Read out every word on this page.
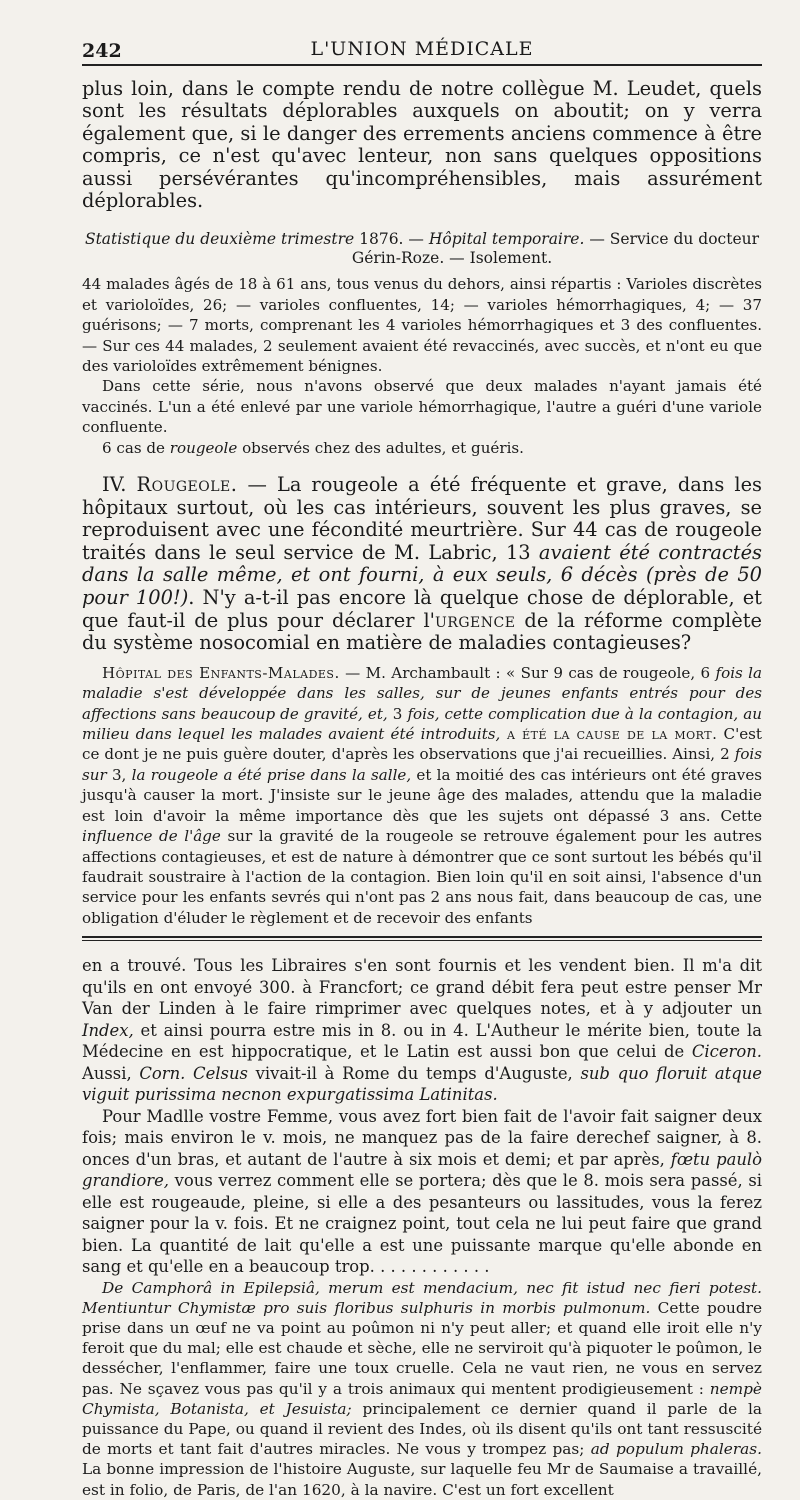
242	L'UNION MÉDICALE

plus loin, dans le compte rendu de notre collègue M. Leudet, quels sont les résultats déplorables auxquels on aboutit; on y verra également que, si le danger des errements anciens commence à être compris, ce n'est qu'avec lenteur, non sans quelques oppositions aussi persévérantes qu'incompréhensibles, mais assurément déplorables.

Statistique du deuxième trimestre 1876. — Hôpital temporaire. — Service du docteur
Gérin-Roze. — Isolement.

44 malades âgés de 18 à 61 ans, tous venus du dehors, ainsi répartis : Varioles discrètes et varioloïdes, 26; — varioles confluentes, 14; — varioles hémorrhagiques, 4; — 37 guérisons; — 7 morts, comprenant les 4 varioles hémorrhagiques et 3 des confluentes. — Sur ces 44 malades, 2 seulement avaient été revaccinés, avec succès, et n'ont eu que des varioloïdes extrêmement bénignes.

Dans cette série, nous n'avons observé que deux malades n'ayant jamais été vaccinés. L'un a été enlevé par une variole hémorrhagique, l'autre a guéri d'une variole confluente.

6 cas de rougeole observés chez des adultes, et guéris.

IV. Rougeole. — La rougeole a été fréquente et grave, dans les hôpitaux surtout, où les cas intérieurs, souvent les plus graves, se reproduisent avec une fécondité meurtrière. Sur 44 cas de rougeole traités dans le seul service de M. Labric, 13 avaient été contractés dans la salle même, et ont fourni, à eux seuls, 6 décès (près de 50 pour 100!). N'y a-t-il pas encore là quelque chose de déplorable, et que faut-il de plus pour déclarer l'urgence de la réforme complète du système nosocomial en matière de maladies contagieuses?

Hôpital des Enfants-Malades. — M. Archambault : « Sur 9 cas de rougeole, 6 fois la maladie s'est développée dans les salles, sur de jeunes enfants entrés pour des affections sans beaucoup de gravité, et, 3 fois, cette complication due à la contagion, au milieu dans lequel les malades avaient été introduits, a été la cause de la mort. C'est ce dont je ne puis guère douter, d'après les observations que j'ai recueillies. Ainsi, 2 fois sur 3, la rougeole a été prise dans la salle, et la moitié des cas intérieurs ont été graves jusqu'à causer la mort. J'insiste sur le jeune âge des malades, attendu que la maladie est loin d'avoir la même importance dès que les sujets ont dépassé 3 ans. Cette influence de l'âge sur la gravité de la rougeole se retrouve également pour les autres affections contagieuses, et est de nature à démontrer que ce sont surtout les bébés qu'il faudrait soustraire à l'action de la contagion. Bien loin qu'il en soit ainsi, l'absence d'un service pour les enfants sevrés qui n'ont pas 2 ans nous fait, dans beaucoup de cas, une obligation d'éluder le règlement et de recevoir des enfants

en a trouvé. Tous les Libraires s'en sont fournis et les vendent bien. Il m'a dit qu'ils en ont envoyé 300. à Francfort; ce grand débit fera peut estre penser Mr Van der Linden à le faire rimprimer avec quelques notes, et à y adjouter un Index, et ainsi pourra estre mis in 8. ou in 4. L'Autheur le mérite bien, toute la Médecine en est hippocratique, et le Latin est aussi bon que celui de Ciceron. Aussi, Corn. Celsus vivait-il à Rome du temps d'Auguste, sub quo floruit atque viguit purissima necnon expurgatissima Latinitas.

Pour Madlle vostre Femme, vous avez fort bien fait de l'avoir fait saigner deux fois; mais environ le v. mois, ne manquez pas de la faire derechef saigner, à 8. onces d'un bras, et autant de l'autre à six mois et demi; et par après, fœtu paulò grandiore, vous verrez comment elle se portera; dès que le 8. mois sera passé, si elle est rougeaude, pleine, si elle a des pesanteurs ou lassitudes, vous la ferez saigner pour la v. fois. Et ne craignez point, tout cela ne lui peut faire que grand bien. La quantité de lait qu'elle a est une puissante marque qu'elle abonde en sang et qu'elle en a beaucoup trop. . . . . . . . . . . .

De Camphorâ in Epilepsiâ, merum est mendacium, nec fit istud nec fieri potest. Mentiuntur Chymistæ pro suis floribus sulphuris in morbis pulmonum. Cette poudre prise dans un œuf ne va point au poûmon ni n'y peut aller; et quand elle iroit elle n'y feroit que du mal; elle est chaude et sèche, elle ne serviroit qu'à piquoter le poûmon, le dessécher, l'enflammer, faire une toux cruelle. Cela ne vaut rien, ne vous en servez pas. Ne sçavez vous pas qu'il y a trois animaux qui mentent prodigieusement : nempè Chymista, Botanista, et Jesuista; principalement ce dernier quand il parle de la puissance du Pape, ou quand il revient des Indes, où ils disent qu'ils ont tant ressuscité de morts et tant fait d'autres miracles. Ne vous y trompez pas; ad populum phaleras. La bonne impression de l'histoire Auguste, sur laquelle feu Mr de Saumaise a travaillé, est in folio, de Paris, de l'an 1620, à la navire. C'est un fort excellent
